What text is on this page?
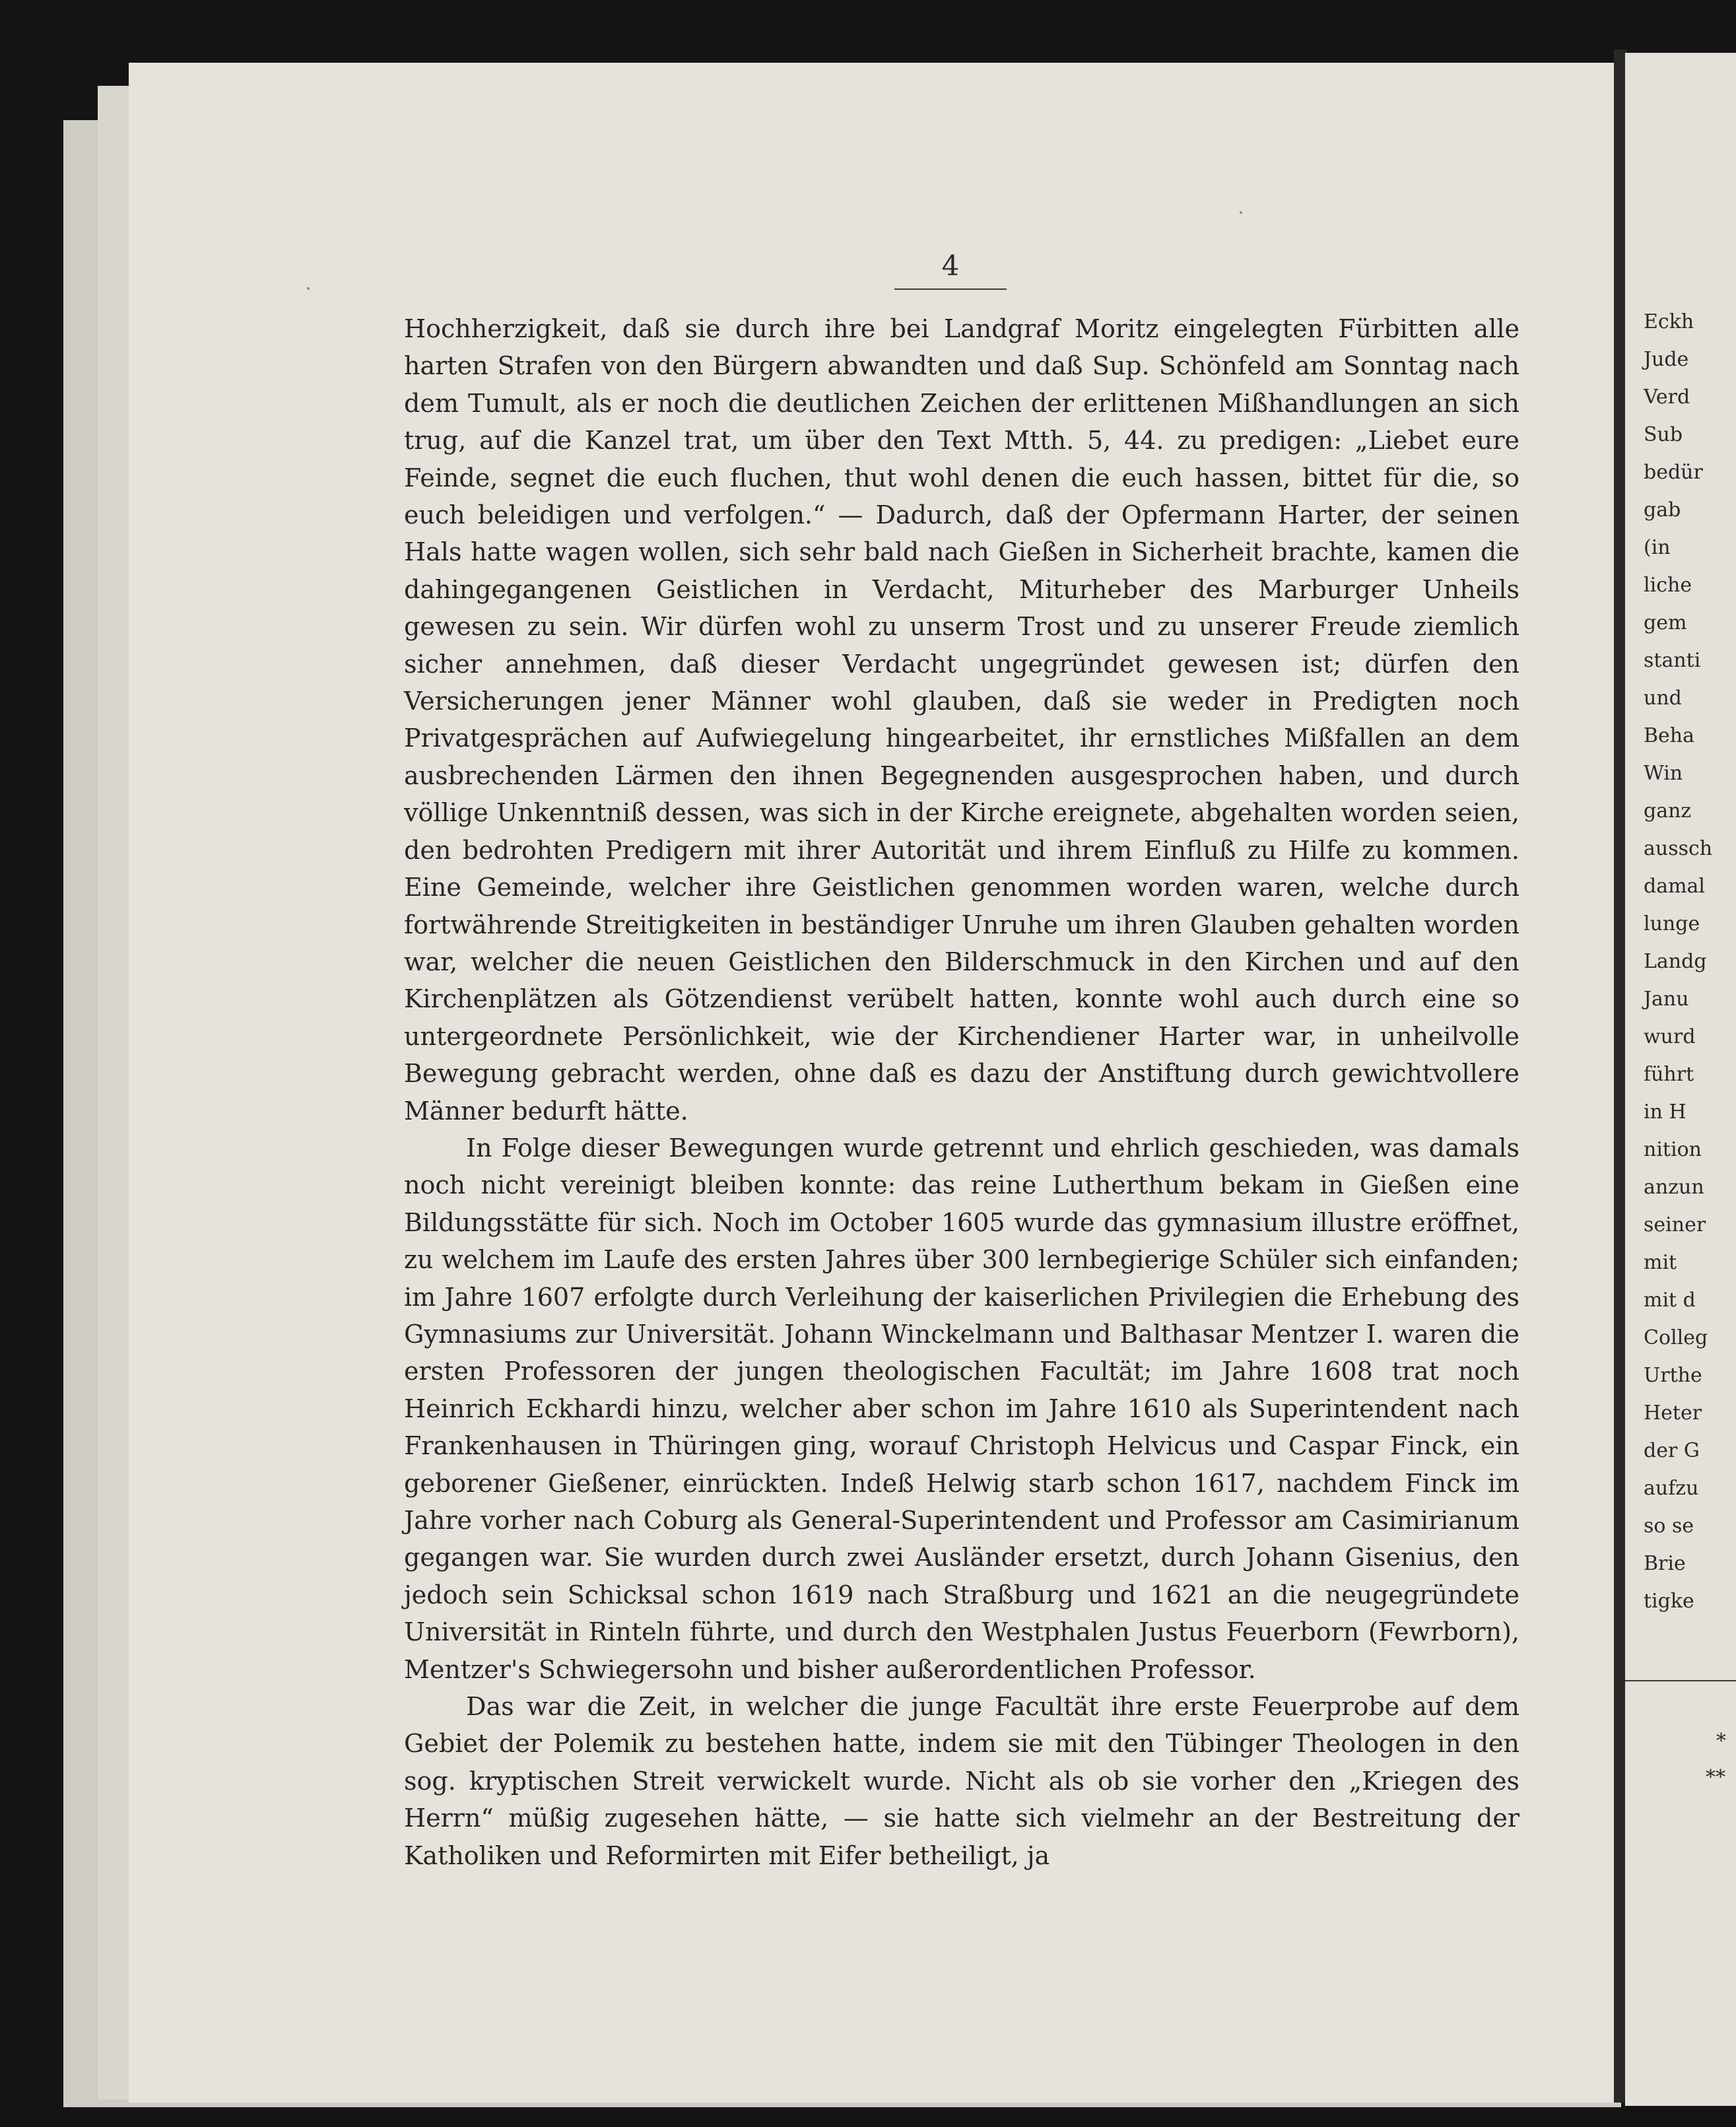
4

Hochherzigkeit, daß sie durch ihre bei Landgraf Moritz eingelegten Fürbitten alle harten Strafen von den Bürgern abwandten und daß Sup. Schönfeld am Sonntag nach dem Tumult, als er noch die deutlichen Zeichen der erlittenen Mißhandlungen an sich trug, auf die Kanzel trat, um über den Text Mtth. 5, 44. zu predigen: „Liebet eure Feinde, segnet die euch fluchen, thut wohl denen die euch hassen, bittet für die, so euch beleidigen und verfolgen.“ — Dadurch, daß der Opfermann Harter, der seinen Hals hatte wagen wollen, sich sehr bald nach Gießen in Sicherheit brachte, kamen die dahingegangenen Geistlichen in Verdacht, Miturheber des Marburger Unheils gewesen zu sein. Wir dürfen wohl zu unserm Trost und zu unserer Freude ziemlich sicher annehmen, daß dieser Verdacht ungegründet gewesen ist; dürfen den Versicherungen jener Männer wohl glauben, daß sie weder in Predigten noch Privatgesprächen auf Aufwiegelung hingearbeitet, ihr ernstliches Mißfallen an dem ausbrechenden Lärmen den ihnen Begegnenden ausgesprochen haben, und durch völlige Unkenntniß dessen, was sich in der Kirche ereignete, abgehalten worden seien, den bedrohten Predigern mit ihrer Autorität und ihrem Einfluß zu Hilfe zu kommen. Eine Gemeinde, welcher ihre Geistlichen genommen worden waren, welche durch fortwährende Streitigkeiten in beständiger Unruhe um ihren Glauben gehalten worden war, welcher die neuen Geistlichen den Bilderschmuck in den Kirchen und auf den Kirchenplätzen als Götzendienst verübelt hatten, konnte wohl auch durch eine so untergeordnete Persönlichkeit, wie der Kirchendiener Harter war, in unheilvolle Bewegung gebracht werden, ohne daß es dazu der Anstiftung durch gewichtvollere Männer bedurft hätte.

In Folge dieser Bewegungen wurde getrennt und ehrlich geschieden, was damals noch nicht vereinigt bleiben konnte: das reine Lutherthum bekam in Gießen eine Bildungsstätte für sich. Noch im October 1605 wurde das gymnasium illustre eröffnet, zu welchem im Laufe des ersten Jahres über 300 lernbegierige Schüler sich einfanden; im Jahre 1607 erfolgte durch Verleihung der kaiserlichen Privilegien die Erhebung des Gymnasiums zur Universität. Johann Winckelmann und Balthasar Mentzer I. waren die ersten Professoren der jungen theologischen Facultät; im Jahre 1608 trat noch Heinrich Eckhardi hinzu, welcher aber schon im Jahre 1610 als Superintendent nach Frankenhausen in Thüringen ging, worauf Christoph Helvicus und Caspar Finck, ein geborener Gießener, einrückten. Indeß Helwig starb schon 1617, nachdem Finck im Jahre vorher nach Coburg als General-Superintendent und Professor am Casimirianum gegangen war. Sie wurden durch zwei Ausländer ersetzt, durch Johann Gisenius, den jedoch sein Schicksal schon 1619 nach Straßburg und 1621 an die neugegründete Universität in Rinteln führte, und durch den Westphalen Justus Feuerborn (Fewrborn), Mentzer's Schwiegersohn und bisher außerordentlichen Professor.

Das war die Zeit, in welcher die junge Facultät ihre erste Feuerprobe auf dem Gebiet der Polemik zu bestehen hatte, indem sie mit den Tübinger Theologen in den sog. kryptischen Streit verwickelt wurde. Nicht als ob sie vorher den „Kriegen des Herrn“ müßig zugesehen hätte, — sie hatte sich vielmehr an der Bestreitung der Katholiken und Reformirten mit Eifer betheiligt, ja

Eckh
Jude
Verd
Sub
bedür
gab
(in
liche
gem
stanti
und
Beha
Win
ganz
aussch
damal
lunge
Landg
Janu
wurd
führt
in H
nition
anzun
seiner
mit
mit d
Colleg
Urthe
Heter
der G
aufzu
so se
Brie
tigke
*
**
